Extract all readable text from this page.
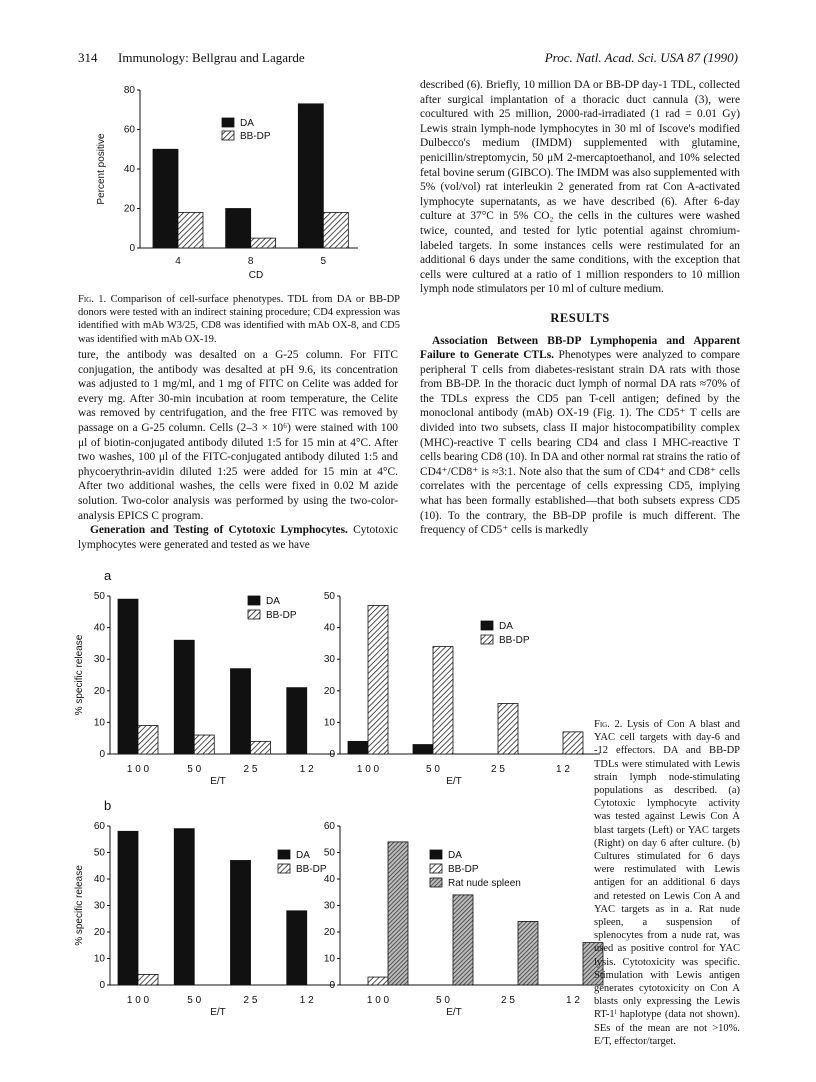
314 Immunology: Bellgrau and Lagarde	Proc. Natl. Acad. Sci. USA 87 (1990)
0
20
40
60
80
4	8	5
CD
Percent positive
DA
BB-DP
Fig. 1. Comparison of cell-surface phenotypes. TDL from DA or BB-DP donors were tested with an indirect staining procedure; CD4 expression was identified with mAb W3/25, CD8 was identified with mAb OX-8, and CD5 was identified with mAb OX-19.

ture, the antibody was desalted on a G-25 column. For FITC conjugation, the antibody was desalted at pH 9.6, its concentration was adjusted to 1 mg/ml, and 1 mg of FITC on Celite was added for every mg. After 30-min incubation at room temperature, the Celite was removed by centrifugation, and the free FITC was removed by passage on a G-25 column. Cells (2–3 × 10⁶) were stained with 100 μl of biotin-conjugated antibody diluted 1:5 for 15 min at 4°C. After two washes, 100 μl of the FITC-conjugated antibody diluted 1:5 and phycoerythrin-avidin diluted 1:25 were added for 15 min at 4°C. After two additional washes, the cells were fixed in 0.02 M azide solution. Two-color analysis was performed by using the two-color-analysis EPICS C program.

Generation and Testing of Cytotoxic Lymphocytes. Cytotoxic lymphocytes were generated and tested as we have

described (6). Briefly, 10 million DA or BB-DP day-1 TDL, collected after surgical implantation of a thoracic duct cannula (3), were cocultured with 25 million, 2000-rad-irradiated (1 rad = 0.01 Gy) Lewis strain lymph-node lymphocytes in 30 ml of Iscove's modified Dulbecco's medium (IMDM) supplemented with glutamine, penicillin/streptomycin, 50 μM 2-mercaptoethanol, and 10% selected fetal bovine serum (GIBCO). The IMDM was also supplemented with 5% (vol/vol) rat interleukin 2 generated from rat Con A-activated lymphocyte supernatants, as we have described (6). After 6-day culture at 37°C in 5% CO₂ the cells in the cultures were washed twice, counted, and tested for lytic potential against chromium-labeled targets. In some instances cells were restimulated for an additional 6 days under the same conditions, with the exception that cells were cultured at a ratio of 1 million responders to 10 million lymph node stimulators per 10 ml of culture medium.

RESULTS

Association Between BB-DP Lymphopenia and Apparent Failure to Generate CTLs. Phenotypes were analyzed to compare peripheral T cells from diabetes-resistant strain DA rats with those from BB-DP. In the thoracic duct lymph of normal DA rats ≈70% of the TDLs express the CD5 pan T-cell antigen; defined by the monoclonal antibody (mAb) OX-19 (Fig. 1). The CD5⁺ T cells are divided into two subsets, class II major histocompatibility complex (MHC)-reactive T cells bearing CD4 and class I MHC-reactive T cells bearing CD8 (10). In DA and other normal rat strains the ratio of CD4⁺/CD8⁺ is ≈3:1. Note also that the sum of CD4⁺ and CD8⁺ cells correlates with the percentage of cells expressing CD5, implying what has been formally established—that both subsets express CD5 (10). To the contrary, the BB-DP profile is much different. The frequency of CD5⁺ cells is markedly

a
b
0
10
20
30
40
50
1 0 0	5 0	2 5	1 2
E/T
% specific release
DA
BB-DP
0
10
20
30
40
50
1 0 0	5 0	2 5	1 2
E/T
DA
BB-DP
0
10
20
30
40
50
60
1 0 0	5 0	2 5	1 2
E/T
% specific release
DA
BB-DP
0
10
20
30
40
50
60
1 0 0	5 0	2 5	1 2
E/T
DA
BB-DP
Rat nude spleen
Fig. 2. Lysis of Con A blast and YAC cell targets with day-6 and -12 effectors. DA and BB-DP TDLs were stimulated with Lewis strain lymph node-stimulating populations as described. (a) Cytotoxic lymphocyte activity was tested against Lewis Con A blast targets (Left) or YAC targets (Right) on day 6 after culture. (b) Cultures stimulated for 6 days were restimulated with Lewis antigen for an additional 6 days and retested on Lewis Con A and YAC targets as in a. Rat nude spleen, a suspension of splenocytes from a nude rat, was used as positive control for YAC lysis. Cytotoxicity was specific. Stimulation with Lewis antigen generates cytotoxicity on Con A blasts only expressing the Lewis RT-1ˡ haplotype (data not shown). SEs of the mean are not >10%. E/T, effector/target.
